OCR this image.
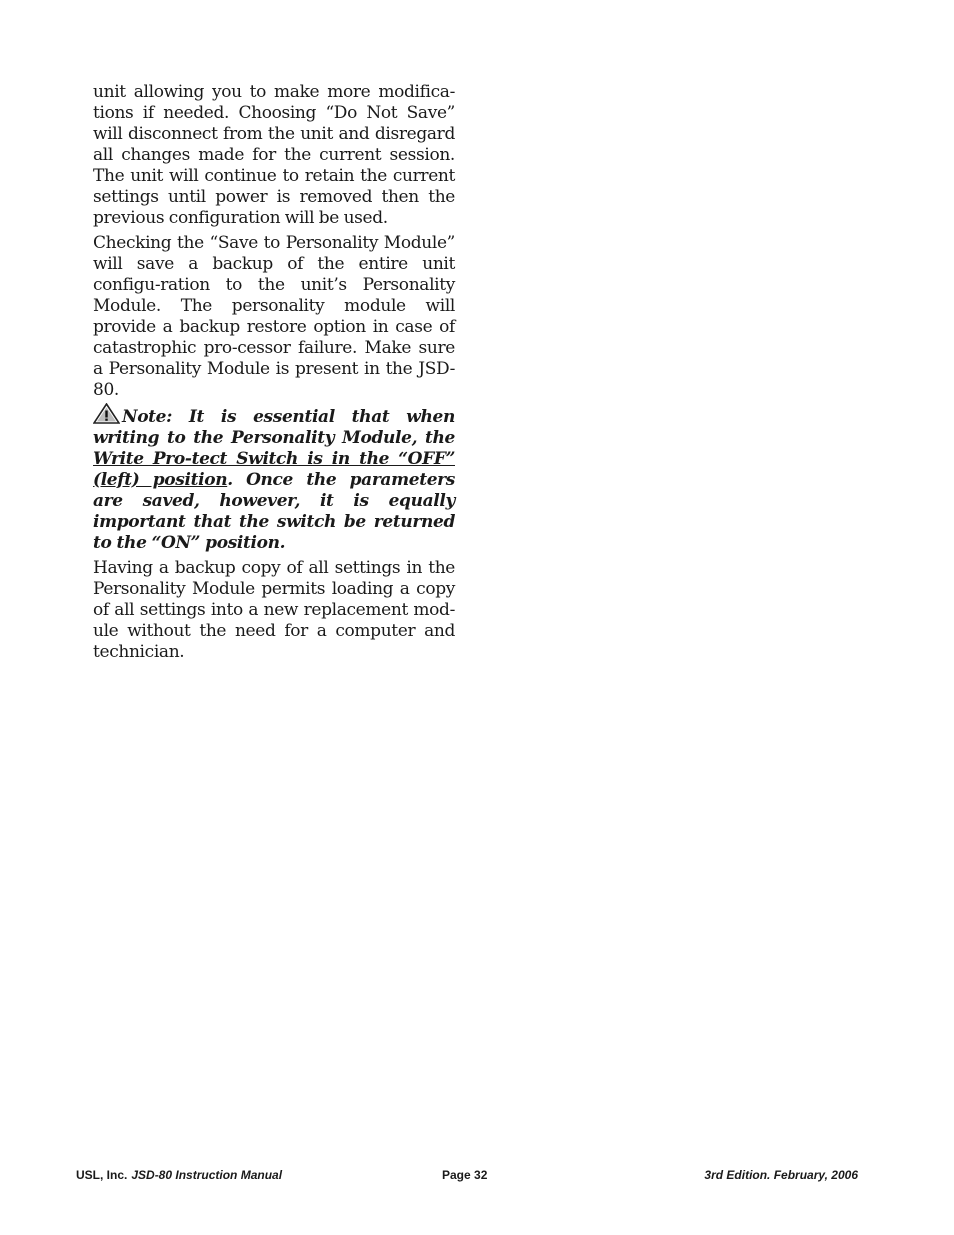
unit allowing you to make more modifica-tions if needed. Choosing “Do Not Save” will disconnect from the unit and disregard all changes made for the current session. The unit will continue to retain the current settings until power is removed then the previous configuration will be used.

Checking the “Save to Personality Module” will save a backup of the entire unit configu-ration to the unit’s Personality Module. The personality module will provide a backup restore option in case of catastrophic pro-cessor failure. Make sure a Personality Module is present in the JSD-80.

Note: It is essential that when writing to the Personality Module, the Write Pro-tect Switch is in the “OFF” (left) position. Once the parameters are saved, however, it is equally important that the switch be returned to the “ON” position.

Having a backup copy of all settings in the Personality Module permits loading a copy of all settings into a new replacement mod-ule without the need for a computer and technician.

USL, Inc. JSD-80 Instruction Manual	Page 32	3rd Edition. February, 2006
